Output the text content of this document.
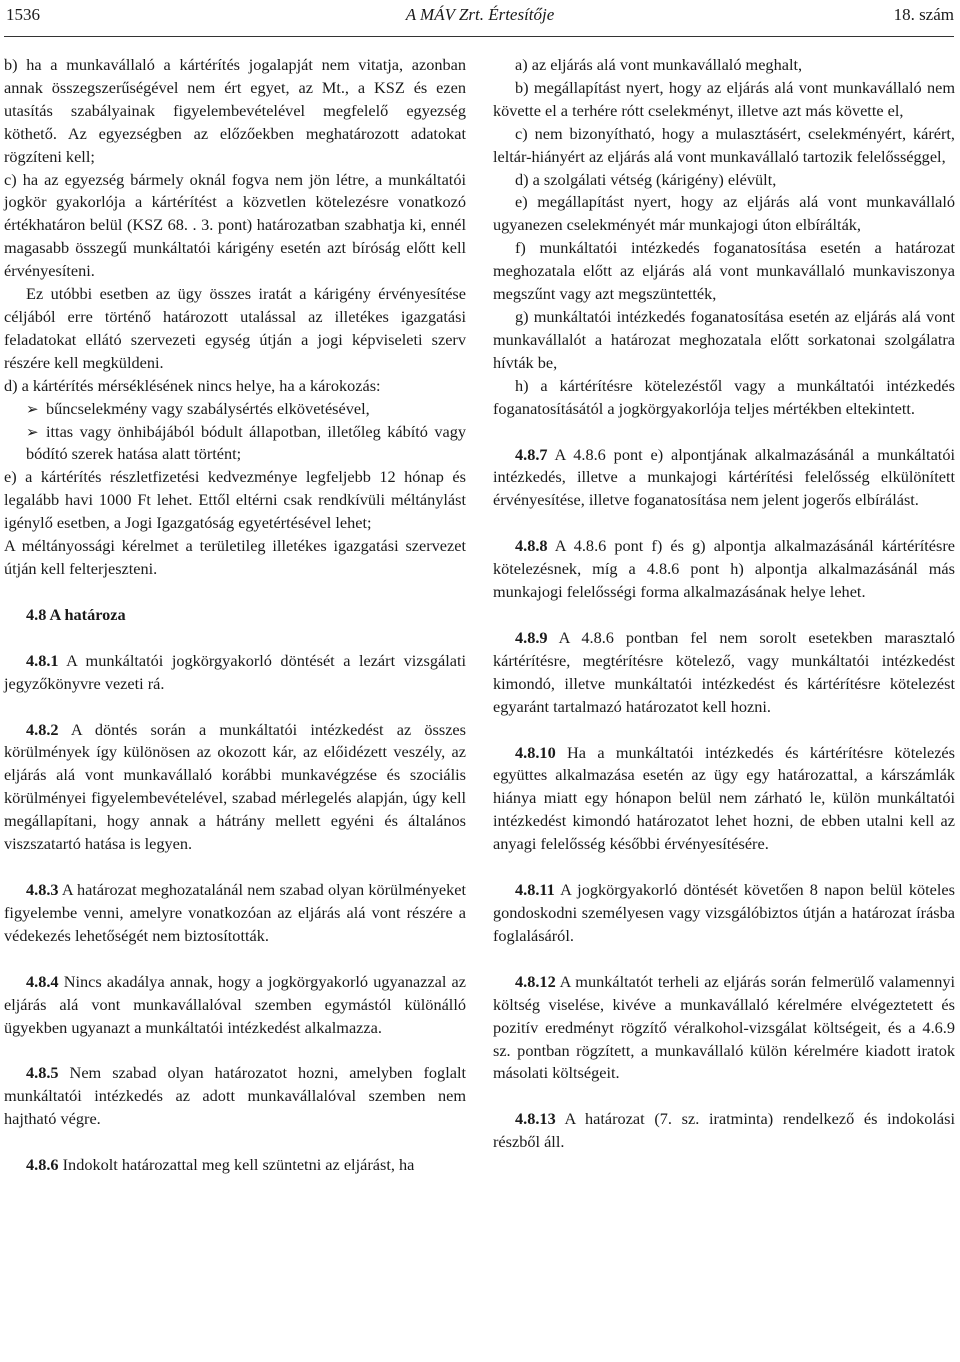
1536	A MÁV Zrt. Értesítője	18. szám

b) ha a munkavállaló a kártérítés jogalapját nem vitatja, azonban annak összegszerűségével nem ért egyet, az Mt., a KSZ és ezen utasítás szabályainak figyelembevételével megfelelő egyezség köthető. Az egyezségben az előzőekben meghatározott adatokat rögzíteni kell;

c) ha az egyezség bármely oknál fogva nem jön létre, a munkáltatói jogkör gyakorlója a kártérítést a közvetlen kötelezésre vonatkozó értékhatáron belül (KSZ 68. . 3. pont) határozatban szabhatja ki, ennél magasabb összegű munkáltatói kárigény esetén azt bíróság előtt kell érvényesíteni.

Ez utóbbi esetben az ügy összes iratát a kárigény érvényesítése céljából erre történő határozott utalással az illetékes igazgatási feladatokat ellátó szervezeti egység útján a jogi képviseleti szerv részére kell megküldeni.

d) a kártérítés mérséklésének nincs helye, ha a károkozás:

➢ bűncselekmény vagy szabálysértés elkövetésével,

➢ ittas vagy önhibájából bódult állapotban, illetőleg kábító vagy bódító szerek hatása alatt történt;

e) a kártérítés részletfizetési kedvezménye legfeljebb 12 hónap és legalább havi 1000 Ft lehet. Ettől eltérni csak rendkívüli méltánylást igénylő esetben, a Jogi Igazgatóság egyetértésével lehet;

A méltányossági kérelmet a területileg illetékes igazgatási szervezet útján kell felterjeszteni.

4.8 A határoza

4.8.1 A munkáltatói jogkörgyakorló döntését a lezárt vizsgálati jegyzőkönyvre vezeti rá.

4.8.2 A döntés során a munkáltatói intézkedést az összes körülmények így különösen az okozott kár, az előidézett veszély, az eljárás alá vont munkavállaló korábbi munkavégzése és szociális körülményei figyelembevételével, szabad mérlegelés alapján, úgy kell megállapítani, hogy annak a hátrány mellett egyéni és általános viszszatartó hatása is legyen.

4.8.3 A határozat meghozatalánál nem szabad olyan körülményeket figyelembe venni, amelyre vonatkozóan az eljárás alá vont részére a védekezés lehetőségét nem biztosították.

4.8.4 Nincs akadálya annak, hogy a jogkörgyakorló ugyanazzal az eljárás alá vont munkavállalóval szemben egymástól különálló ügyekben ugyanazt a munkáltatói intézkedést alkalmazza.

4.8.5 Nem szabad olyan határozatot hozni, amelyben foglalt munkáltatói intézkedés az adott munkavállalóval szemben nem hajtható végre.

4.8.6 Indokolt határozattal meg kell szüntetni az eljárást, ha

a) az eljárás alá vont munkavállaló meghalt,

b) megállapítást nyert, hogy az eljárás alá vont munkavállaló nem követte el a terhére rótt cselekményt, illetve azt más követte el,

c) nem bizonyítható, hogy a mulasztásért, cselekményért, kárért, leltár-hiányért az eljárás alá vont munkavállaló tartozik felelősséggel,

d) a szolgálati vétség (kárigény) elévült,

e) megállapítást nyert, hogy az eljárás alá vont munkavállaló ugyanezen cselekményét már munkajogi úton elbírálták,

f) munkáltatói intézkedés foganatosítása esetén a határozat meghozatala előtt az eljárás alá vont munkavállaló munkaviszonya megszűnt vagy azt megszüntették,

g) munkáltatói intézkedés foganatosítása esetén az eljárás alá vont munkavállalót a határozat meghozatala előtt sorkatonai szolgálatra hívták be,

h) a kártérítésre kötelezéstől vagy a munkáltatói intézkedés foganatosításától a jogkörgyakorlója teljes mértékben eltekintett.

4.8.7 A 4.8.6 pont e) alpontjának alkalmazásánál a munkáltatói intézkedés, illetve a munkajogi kártérítési felelősség elkülönített érvényesítése, illetve foganatosítása nem jelent jogerős elbírálást.

4.8.8 A 4.8.6 pont f) és g) alpontja alkalmazásánál kártérítésre kötelezésnek, míg a 4.8.6 pont h) alpontja alkalmazásánál más munkajogi felelősségi forma alkalmazásának helye lehet.

4.8.9 A 4.8.6 pontban fel nem sorolt esetekben marasztaló kártérítésre, megtérítésre kötelező, vagy munkáltatói intézkedést kimondó, illetve munkáltatói intézkedést és kártérítésre kötelezést egyaránt tartalmazó határozatot kell hozni.

4.8.10 Ha a munkáltatói intézkedés és kártérítésre kötelezés együttes alkalmazása esetén az ügy egy határozattal, a kárszámlák hiánya miatt egy hónapon belül nem zárható le, külön munkáltatói intézkedést kimondó határozatot lehet hozni, de ebben utalni kell az anyagi felelősség későbbi érvényesítésére.

4.8.11 A jogkörgyakorló döntését követően 8 napon belül köteles gondoskodni személyesen vagy vizsgálóbiztos útján a határozat írásba foglalásáról.

4.8.12 A munkáltatót terheli az eljárás során felmerülő valamennyi költség viselése, kivéve a munkavállaló kérelmére elvégeztetett és pozitív eredményt rögzítő véralkohol-vizsgálat költségeit, és a 4.6.9 sz. pontban rögzített, a munkavállaló külön kérelmére kiadott iratok másolati költségeit.

4.8.13 A határozat (7. sz. iratminta) rendelkező és indokolási részből áll.
